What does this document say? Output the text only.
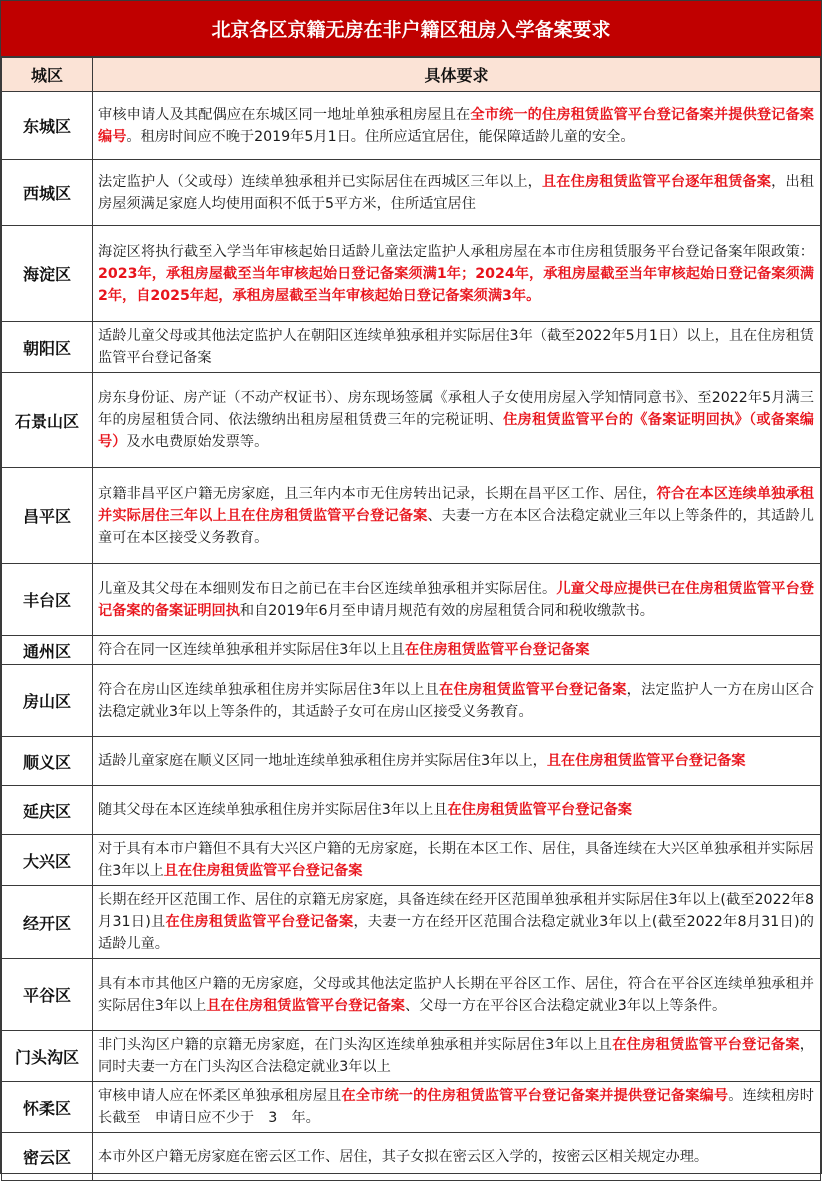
北京各区京籍无房在非户籍区租房入学备案要求
城区	具体要求
东城区	审核申请人及其配偶应在东城区同一地址单独承租房屋且在全市统一的住房租赁监管平台登记备案并提供登记备案编号。租房时间应不晚于2019年5月1日。住所应适宜居住，能保障适龄儿童的安全。
西城区	法定监护人（父或母）连续单独承租并已实际居住在西城区三年以上，且在住房租赁监管平台逐年租赁备案，出租房屋须满足家庭人均使用面积不低于5平方米，住所适宜居住
海淀区	海淀区将执行截至入学当年审核起始日适龄儿童法定监护人承租房屋在本市住房租赁服务平台登记备案年限政策：2023年，承租房屋截至当年审核起始日登记备案须满1年；2024年，承租房屋截至当年审核起始日登记备案须满2年，自2025年起，承租房屋截至当年审核起始日登记备案须满3年。
朝阳区	适龄儿童父母或其他法定监护人在朝阳区连续单独承租并实际居住3年（截至2022年5月1日）以上，且在住房租赁监管平台登记备案
石景山区	房东身份证、房产证（不动产权证书）、房东现场签属《承租人子女使用房屋入学知情同意书》、至2022年5月满三年的房屋租赁合同、依法缴纳出租房屋租赁费三年的完税证明、住房租赁监管平台的《备案证明回执》（或备案编号）及水电费原始发票等。
昌平区	京籍非昌平区户籍无房家庭，且三年内本市无住房转出记录，长期在昌平区工作、居住，符合在本区连续单独承租并实际居住三年以上且在住房租赁监管平台登记备案、夫妻一方在本区合法稳定就业三年以上等条件的，其适龄儿童可在本区接受义务教育。
丰台区	儿童及其父母在本细则发布日之前已在丰台区连续单独承租并实际居住。儿童父母应提供已在住房租赁监管平台登记备案的备案证明回执和自2019年6月至申请月规范有效的房屋租赁合同和税收缴款书。
通州区	符合在同一区连续单独承租并实际居住3年以上且在住房租赁监管平台登记备案
房山区	符合在房山区连续单独承租住房并实际居住3年以上且在住房租赁监管平台登记备案，法定监护人一方在房山区合法稳定就业3年以上等条件的，其适龄子女可在房山区接受义务教育。
顺义区	适龄儿童家庭在顺义区同一地址连续单独承租住房并实际居住3年以上，且在住房租赁监管平台登记备案
延庆区	随其父母在本区连续单独承租住房并实际居住3年以上且在住房租赁监管平台登记备案
大兴区	对于具有本市户籍但不具有大兴区户籍的无房家庭，长期在本区工作、居住，具备连续在大兴区单独承租并实际居住3年以上且在住房租赁监管平台登记备案
经开区	长期在经开区范围工作、居住的京籍无房家庭，具备连续在经开区范围单独承租并实际居住3年以上(截至2022年8月31日)且在住房租赁监管平台登记备案，夫妻一方在经开区范围合法稳定就业3年以上(截至2022年8月31日)的适龄儿童。
平谷区	具有本市其他区户籍的无房家庭，父母或其他法定监护人长期在平谷区工作、居住，符合在平谷区连续单独承租并实际居住3年以上且在住房租赁监管平台登记备案、父母一方在平谷区合法稳定就业3年以上等条件。
门头沟区	非门头沟区户籍的京籍无房家庭，在门头沟区连续单独承租并实际居住3年以上且在住房租赁监管平台登记备案，同时夫妻一方在门头沟区合法稳定就业3年以上
怀柔区	审核申请人应在怀柔区单独承租房屋且在全市统一的住房租赁监管平台登记备案并提供登记备案编号。连续租房时长截至　申请日应不少于　3　年。
密云区	本市外区户籍无房家庭在密云区工作、居住，其子女拟在密云区入学的，按密云区相关规定办理。
